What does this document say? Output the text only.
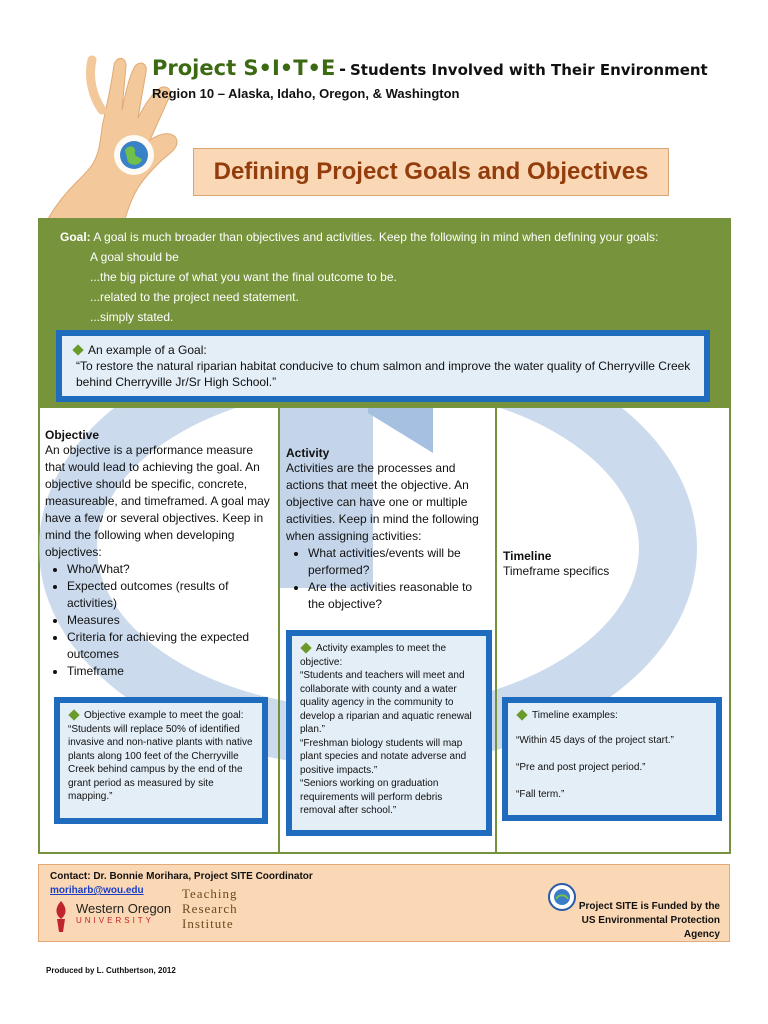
Project S•I•T•E - Students Involved with Their Environment
Region 10 – Alaska, Idaho, Oregon, & Washington
Defining Project Goals and Objectives
Goal: A goal is much broader than objectives and activities. Keep the following in mind when defining your goals:
A goal should be
...the big picture of what you want the final outcome to be.
...related to the project need statement.
...simply stated.
An example of a Goal:
“To restore the natural riparian habitat conducive to chum salmon and improve the water quality of Cherryville Creek behind Cherryville Jr/Sr High School.”
Objective
An objective is a performance measure that would lead to achieving the goal. An objective should be specific, concrete, measureable, and timeframed. A goal may have a few or several objectives. Keep in mind the following when developing objectives:
• Who/What?
• Expected outcomes (results of activities)
• Measures
• Criteria for achieving the expected outcomes
• Timeframe
Objective example to meet the goal:
“Students will replace 50% of identified invasive and non-native plants with native plants along 100 feet of the Cherryville Creek behind campus by the end of the grant period as measured by site mapping.”
Activity
Activities are the processes and actions that meet the objective. An objective can have one or multiple activities. Keep in mind the following when assigning activities:
• What activities/events will be performed?
• Are the activities reasonable to the objective?
Activity examples to meet the objective:
“Students and teachers will meet and collaborate with county and a water quality agency in the community to develop a riparian and aquatic renewal plan.”
“Freshman biology students will map plant species and notate adverse and positive impacts.”
“Seniors working on graduation requirements will perform debris removal after school.”
Timeline
Timeframe specifics
Timeline examples:
“Within 45 days of the project start.”
“Pre and post project period.”
“Fall term.”
Contact: Dr. Bonnie Morihara, Project SITE Coordinator
moriharb@wou.edu
Western Oregon
UNIVERSITY
Teaching
Research
Institute
Project SITE is Funded by the
US Environmental Protection Agency
Produced by L. Cuthbertson, 2012
